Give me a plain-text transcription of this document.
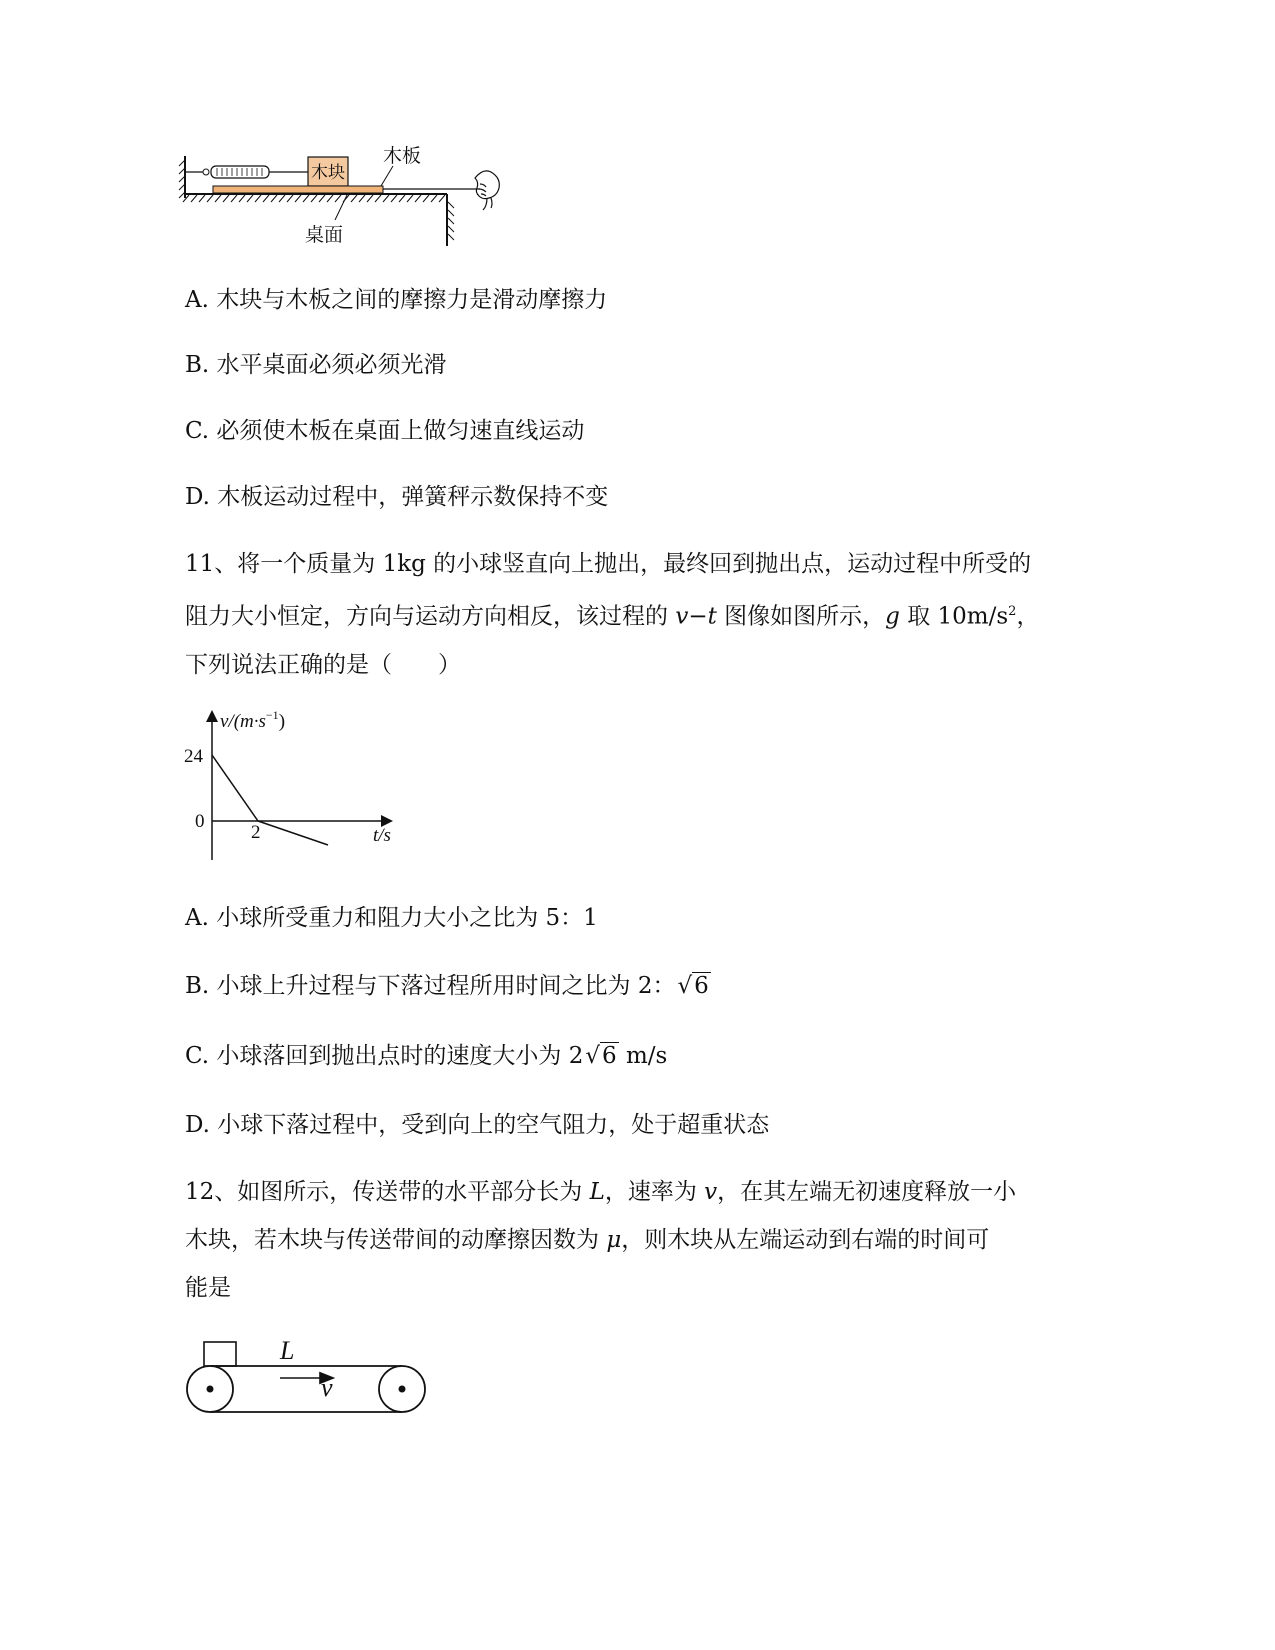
木块
木板
桌面
A. 木块与木板之间的摩擦力是滑动摩擦力
B. 水平桌面必须必须光滑
C. 必须使木板在桌面上做匀速直线运动
D. 木板运动过程中，弹簧秤示数保持不变
11、将一个质量为 1kg 的小球竖直向上抛出，最终回到抛出点，运动过程中所受的
阻力大小恒定，方向与运动方向相反，该过程的 v−t 图像如图所示，g 取 $10m/s^2$，
下列说法正确的是（　　）
$v/(m\cdot s^{-1})$
24
0
2	t/s
A. 小球所受重力和阻力大小之比为 5：1
B. 小球上升过程与下落过程所用时间之比为 2：√6
C. 小球落回到抛出点时的速度大小为 2√6 m/s
D. 小球下落过程中，受到向上的空气阻力，处于超重状态
12、如图所示，传送带的水平部分长为 L，速率为 v，在其左端无初速度释放一小
木块，若木块与传送带间的动摩擦因数为 μ，则木块从左端运动到右端的时间可
能是
L
v
